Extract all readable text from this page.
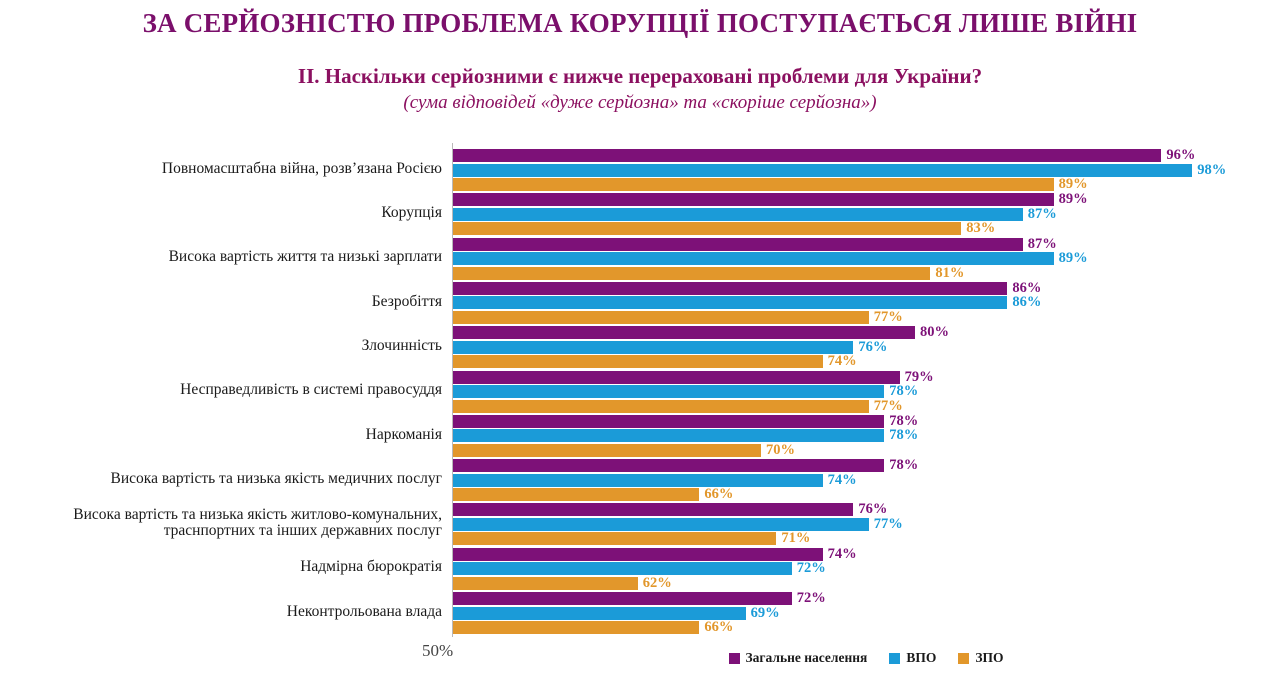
ЗА СЕРЙОЗНІСТЮ ПРОБЛЕМА КОРУПЦІЇ ПОСТУПАЄТЬСЯ ЛИШЕ ВІЙНІ
II. Наскільки серйозними є нижче перераховані проблеми для України?
(сума відповідей «дуже серйозна» та «скоріше серйозна»)
Повномасштабна війна, розв’язана Росією
Корупція
Висока вартість життя та низькі зарплати
Безробіття
Злочинність
Несправедливість в системі правосуддя
Наркоманія
Висока вартість та низька якість медичних послуг
Висока вартість та низька якість житлово-комунальних, траснпортних та інших державних послуг
Надмірна бюрократія
Неконтрольована влада
50%
96%
98%
89%
89%
87%
83%
87%
89%
81%
86%
86%
77%
80%
76%
74%
79%
78%
77%
78%
78%
70%
78%
74%
66%
76%
77%
71%
74%
72%
62%
72%
69%
66%
Загальне населення	ВПО	ЗПО
